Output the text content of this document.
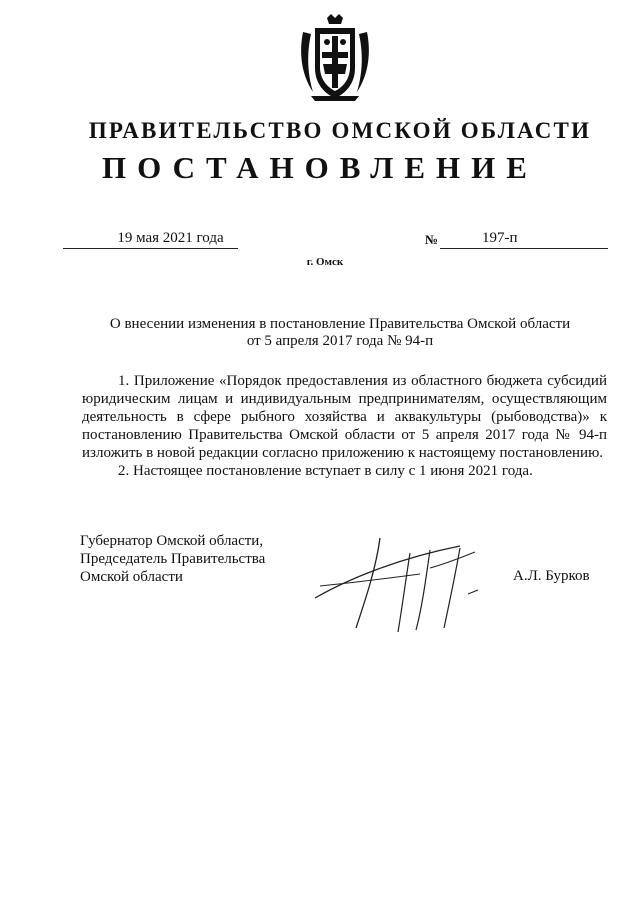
ПРАВИТЕЛЬСТВО ОМСКОЙ ОБЛАСТИ
ПОСТАНОВЛЕНИЕ
19 мая 2021 года	№	197-п
г. Омск
О внесении изменения в постановление Правительства Омской области
от 5 апреля 2017 года № 94-п

1. Приложение «Порядок предоставления из областного бюджета субсидий юридическим лицам и индивидуальным предпринимателям, осуществляющим деятельность в сфере рыбного хозяйства и аквакультуры (рыбоводства)» к постановлению Правительства Омской области от 5 апреля 2017 года № 94-п изложить в новой редакции согласно приложению к настоящему постановлению.

2. Настоящее постановление вступает в силу с 1 июня 2021 года.

Губернатор Омской области,
Председатель Правительства
Омской области	А.Л. Бурков
